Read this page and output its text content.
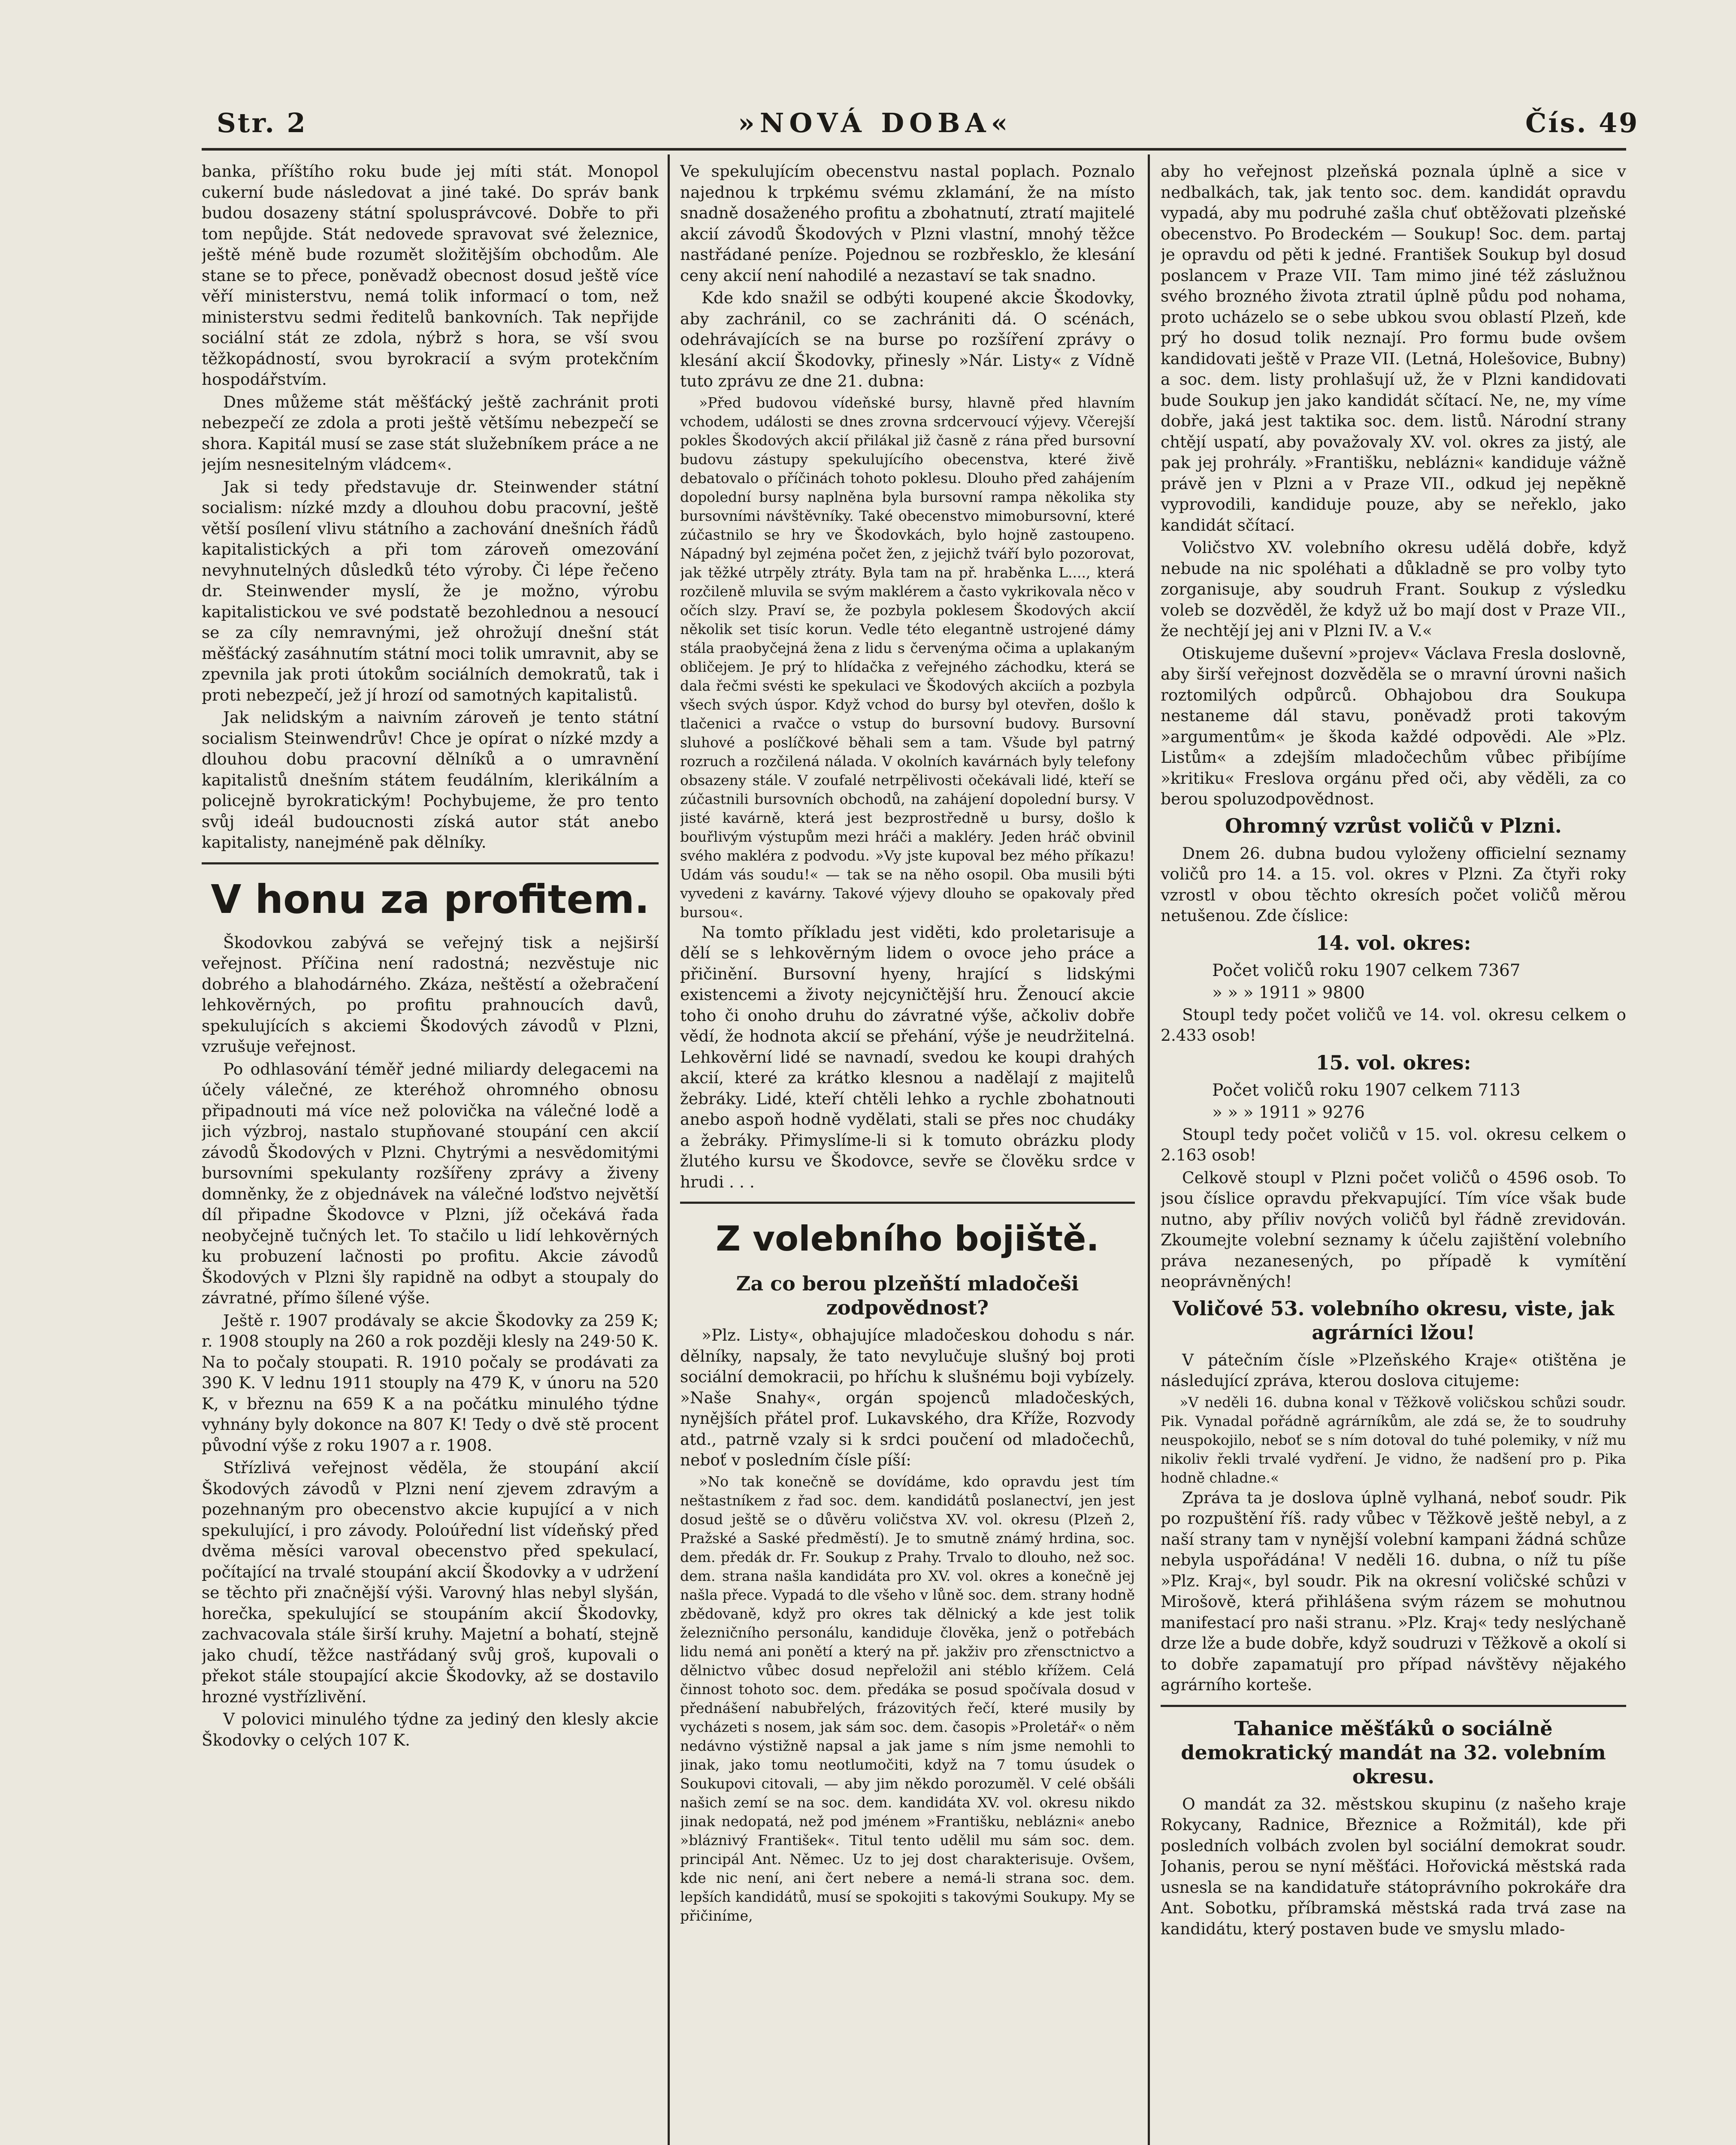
Str. 2	»NOVÁ DOBA«	Čís. 49

banka, příštího roku bude jej míti stát. Monopol cukerní bude následovat a jiné také. Do správ bank budou dosazeny státní spolusprávcové. Dobře to při tom nepůjde. Stát nedovede spravovat své železnice, ještě méně bude rozumět složitějším obchodům. Ale stane se to přece, poněvadž obecnost dosud ještě více věří ministerstvu, nemá tolik informací o tom, než ministerstvu sedmi ředitelů bankovních. Tak nepřijde sociální stát ze zdola, nýbrž s hora, se vší svou těžkopádností, svou byrokracií a svým protekčním hospodářstvím.

Dnes můžeme stát měšťácký ještě zachránit proti nebezpečí ze zdola a proti ještě většímu nebezpečí se shora. Kapitál musí se zase stát služebníkem práce a ne jejím nesnesitelným vládcem«.

Jak si tedy představuje dr. Steinwender státní socialism: nízké mzdy a dlouhou dobu pracovní, ještě větší posílení vlivu státního a zachování dnešních řádů kapitalistických a při tom zároveň omezování nevyhnutelných důsledků této výroby. Či lépe řečeno dr. Steinwender myslí, že je možno, výrobu kapitalistickou ve své podstatě bezohlednou a nesoucí se za cíly nemravnými, jež ohrožují dnešní stát měšťácký zasáhnutím státní moci tolik umravnit, aby se zpevnila jak proti útokům sociálních demokratů, tak i proti nebezpečí, jež jí hrozí od samotných kapitalistů.

Jak nelidským a naivním zároveň je tento státní socialism Steinwendrův! Chce je opírat o nízké mzdy a dlouhou dobu pracovní dělníků a o umravnění kapitalistů dnešním státem feudálním, klerikálním a policejně byrokratickým! Pochybujeme, že pro tento svůj ideál budoucnosti získá autor stát anebo kapitalisty, nanejméně pak dělníky.

V honu za profitem.

Škodovkou zabývá se veřejný tisk a nejširší veřejnost. Příčina není radostná; nezvěstuje nic dobrého a blahodárného. Zkáza, neštěstí a ožebračení lehkověrných, po profitu prahnoucích davů, spekulujících s akciemi Škodových závodů v Plzni, vzrušuje veřejnost.

Po odhlasování téměř jedné miliardy delegacemi na účely válečné, ze kteréhož ohromného obnosu připadnouti má více než polovička na válečné lodě a jich výzbroj, nastalo stupňované stoupání cen akcií závodů Škodových v Plzni. Chytrými a nesvědomitými bursovními spekulanty rozšířeny zprávy a živeny domněnky, že z objednávek na válečné loďstvo největší díl připadne Škodovce v Plzni, jíž očekává řada neobyčejně tučných let. To stačilo u lidí lehkověrných ku probuzení lačnosti po profitu. Akcie závodů Škodových v Plzni šly rapidně na odbyt a stoupaly do závratné, přímo šílené výše.

Ještě r. 1907 prodávaly se akcie Škodovky za 259 K; r. 1908 stouply na 260 a rok později klesly na 249·50 K. Na to počaly stoupati. R. 1910 počaly se prodávati za 390 K. V lednu 1911 stouply na 479 K, v únoru na 520 K, v březnu na 659 K a na počátku minulého týdne vyhnány byly dokonce na 807 K! Tedy o dvě stě procent původní výše z roku 1907 a r. 1908.

Střízlivá veřejnost věděla, že stoupání akcií Škodových závodů v Plzni není zjevem zdravým a pozehnaným pro obecenstvo akcie kupující a v nich spekulující, i pro závody. Poloúřední list vídeňský před dvěma měsíci varoval obecenstvo před spekulací, počítající na trvalé stoupání akcií Škodovky a v udržení se těchto při značnější výši. Varovný hlas nebyl slyšán, horečka, spekulující se stoupáním akcií Škodovky, zachvacovala stále širší kruhy. Majetní a bohatí, stejně jako chudí, těžce nastřádaný svůj groš, kupovali o překot stále stoupající akcie Škodovky, až se dostavilo hrozné vystřízlivění.

V polovici minulého týdne za jediný den klesly akcie Škodovky o celých 107 K.

Ve spekulujícím obecenstvu nastal poplach. Poznalo najednou k trpkému svému zklamání, že na místo snadně dosaženého profitu a zbohatnutí, ztratí majitelé akcií závodů Škodových v Plzni vlastní, mnohý těžce nastřádané peníze. Pojednou se rozbřesklo, že klesání ceny akcií není nahodilé a nezastaví se tak snadno.

Kde kdo snažil se odbýti koupené akcie Škodovky, aby zachránil, co se zachrániti dá. O scénách, odehrávajících se na burse po rozšíření zprávy o klesání akcií Škodovky, přinesly »Nár. Listy« z Vídně tuto zprávu ze dne 21. dubna:

»Před budovou vídeňské bursy, hlavně před hlavním vchodem, události se dnes zrovna srdcervoucí výjevy. Včerejší pokles Škodových akcií přilákal již časně z rána před bursovní budovu zástupy spekulujícího obecenstva, které živě debatovalo o příčinách tohoto poklesu. Dlouho před zahájením dopolední bursy naplněna byla bursovní rampa několika sty bursovními návštěvníky. Také obecenstvo mimobursovní, které zúčastnilo se hry ve Škodovkách, bylo hojně zastoupeno. Nápadný byl zejména počet žen, z jejichž tváří bylo pozorovat, jak těžké utrpěly ztráty. Byla tam na př. hraběnka L...., která rozčileně mluvila se svým maklérem a často vykrikovala něco v očích slzy. Praví se, že pozbyla poklesem Škodových akcií několik set tisíc korun. Vedle této elegantně ustrojené dámy stála praobyčejná žena z lidu s červenýma očima a uplakaným obličejem. Je prý to hlídačka z veřejného záchodku, která se dala řečmi svésti ke spekulaci ve Škodových akciích a pozbyla všech svých úspor. Když vchod do bursy byl otevřen, došlo k tlačenici a rvačce o vstup do bursovní budovy. Bursovní sluhové a poslíčkové běhali sem a tam. Všude byl patrný rozruch a rozčilená nálada. V okolních kavárnách byly telefony obsazeny stále. V zoufalé netrpělivosti očekávali lidé, kteří se zúčastnili bursovních obchodů, na zahájení dopolední bursy. V jisté kavárně, která jest bezprostředně u bursy, došlo k bouřlivým výstupům mezi hráči a makléry. Jeden hráč obvinil svého makléra z podvodu. »Vy jste kupoval bez mého příkazu! Udám vás soudu!« — tak se na něho osopil. Oba musili býti vyvedeni z kavárny. Takové výjevy dlouho se opakovaly před bursou«.

Na tomto příkladu jest viděti, kdo proletarisuje a dělí se s lehkověrným lidem o ovoce jeho práce a přičinění. Bursovní hyeny, hrající s lidskými existencemi a životy nejcyničtější hru. Ženoucí akcie toho či onoho druhu do závratné výše, ačkoliv dobře vědí, že hodnota akcií se přehání, výše je neudržitelná. Lehkověrní lidé se navnadí, svedou ke koupi drahých akcií, které za krátko klesnou a nadělají z majitelů žebráky. Lidé, kteří chtěli lehko a rychle zbohatnouti anebo aspoň hodně vydělati, stali se přes noc chudáky a žebráky. Přimyslíme-li si k tomuto obrázku plody žlutého kursu ve Škodovce, sevře se člověku srdce v hrudi . . .

Z volebního bojiště.
Za co berou plzeňští mladočeši zodpovědnost?

»Plz. Listy«, obhajujíce mladočeskou dohodu s nár. dělníky, napsaly, že tato nevylučuje slušný boj proti sociální demokracii, po hříchu k slušnému boji vybízely. »Naše Snahy«, orgán spojenců mladočeských, nynějších přátel prof. Lukavského, dra Kříže, Rozvody atd., patrně vzaly si k srdci poučení od mladočechů, neboť v posledním čísle píší:

»No tak konečně se dovídáme, kdo opravdu jest tím neštastníkem z řad soc. dem. kandidátů poslanectví, jen jest dosud ještě se o důvěru voličstva XV. vol. okresu (Plzeň 2, Pražské a Saské předměstí). Je to smutně známý hrdina, soc. dem. předák dr. Fr. Soukup z Prahy. Trvalo to dlouho, než soc. dem. strana našla kandidáta pro XV. vol. okres a konečně jej našla přece. Vypadá to dle všeho v lůně soc. dem. strany hodně zbědovaně, když pro okres tak dělnický a kde jest tolik železničního personálu, kandiduje člověka, jenž o potřebách lidu nemá ani ponětí a který na př. jakživ pro zřensctnictvo a dělnictvo vůbec dosud nepřeložil ani stéblo křížem. Celá činnost tohoto soc. dem. předáka se posud spočívala dosud v přednášení nabubřelých, frázovitých řečí, které musily by vycházeti s nosem, jak sám soc. dem. časopis »Proletář« o něm nedávno výstižně napsal a jak jame s ním jsme nemohli to jinak, jako tomu neotlumočiti, když na 7 tomu úsudek o Soukupovi citovali, — aby jim někdo porozuměl. V celé obšáli našich zemí se na soc. dem. kandidáta XV. vol. okresu nikdo jinak nedopatá, než pod jménem »Františku, neblázni« anebo »bláznivý František«. Titul tento udělil mu sám soc. dem. principál Ant. Němec. Uz to jej dost charakterisuje. Ovšem, kde nic není, ani čert nebere a nemá-li strana soc. dem. lepších kandidátů, musí se spokojiti s takovými Soukupy. My se přičiníme,

aby ho veřejnost plzeňská poznala úplně a sice v nedbalkách, tak, jak tento soc. dem. kandidát opravdu vypadá, aby mu podruhé zašla chuť obtěžovati plzeňské obecenstvo. Po Brodeckém — Soukup! Soc. dem. partaj je opravdu od pěti k jedné. František Soukup byl dosud poslancem v Praze VII. Tam mimo jiné též záslužnou svého brozného života ztratil úplně půdu pod nohama, proto ucházelo se o sebe ubkou svou oblastí Plzeň, kde prý ho dosud tolik neznají. Pro formu bude ovšem kandidovati ještě v Praze VII. (Letná, Holešovice, Bubny) a soc. dem. listy prohlašují už, že v Plzni kandidovati bude Soukup jen jako kandidát sčítací. Ne, ne, my víme dobře, jaká jest taktika soc. dem. listů. Národní strany chtějí uspatí, aby považovaly XV. vol. okres za jistý, ale pak jej prohrály. »Františku, neblázni« kandiduje vážně právě jen v Plzni a v Praze VII., odkud jej nepěkně vyprovodili, kandiduje pouze, aby se neřeklo, jako kandidát sčítací.

Voličstvo XV. volebního okresu udělá dobře, když nebude na nic spoléhati a důkladně se pro volby tyto zorganisuje, aby soudruh Frant. Soukup z výsledku voleb se dozvěděl, že když už bo mají dost v Praze VII., že nechtějí jej ani v Plzni IV. a V.«

Otiskujeme duševní »projev« Václava Fresla doslovně, aby širší veřejnost dozvěděla se o mravní úrovni našich roztomilých odpůrců. Obhajobou dra Soukupa nestaneme dál stavu, poněvadž proti takovým »argumentům« je škoda každé odpovědi. Ale »Plz. Listům« a zdejším mladočechům vůbec přibíjíme »kritiku« Freslova orgánu před oči, aby věděli, za co berou spoluzodpovědnost.

Ohromný vzrůst voličů v Plzni.

Dnem 26. dubna budou vyloženy officielní seznamy voličů pro 14. a 15. vol. okres v Plzni. Za čtyři roky vzrostl v obou těchto okresích počet voličů měrou netušenou. Zde číslice:

14. vol. okres:
Počet voličů roku 1907 celkem 7367
» » » 1911 » 9800

Stoupl tedy počet voličů ve 14. vol. okresu celkem o 2.433 osob!

15. vol. okres:
Počet voličů roku 1907 celkem 7113
» » » 1911 » 9276

Stoupl tedy počet voličů v 15. vol. okresu celkem o 2.163 osob!

Celkově stoupl v Plzni počet voličů o 4596 osob. To jsou číslice opravdu překvapující. Tím více však bude nutno, aby příliv nových voličů byl řádně zrevidován. Zkoumejte volební seznamy k účelu zajištění volebního práva nezanesených, po případě k vymítění neoprávněných!

Voličové 53. volebního okresu, viste, jak agrárníci lžou!

V pátečním čísle »Plzeňského Kraje« otištěna je následující zpráva, kterou doslova citujeme:

»V neděli 16. dubna konal v Těžkově voličskou schůzi soudr. Pik. Vynadal pořádně agrárníkům, ale zdá se, že to soudruhy neuspokojilo, neboť se s ním dotoval do tuhé polemiky, v níž mu nikoliv řekli trvalé vydření. Je vidno, že nadšení pro p. Pika hodně chladne.«

Zpráva ta je doslova úplně vylhaná, neboť soudr. Pik po rozpuštění říš. rady vůbec v Těžkově ještě nebyl, a z naší strany tam v nynější volební kampani žádná schůze nebyla uspořádána! V neděli 16. dubna, o níž tu píše »Plz. Kraj«, byl soudr. Pik na okresní voličské schůzi v Mirošově, která přihlášena svým rázem se mohutnou manifestací pro naši stranu. »Plz. Kraj« tedy neslýchaně drze lže a bude dobře, když soudruzi v Těžkově a okolí si to dobře zapamatují pro případ návštěvy nějakého agrárního korteše.

Tahanice měšťáků o sociálně demokratický mandát na 32. volebním okresu.

O mandát za 32. městskou skupinu (z našeho kraje Rokycany, Radnice, Březnice a Rožmitál), kde při posledních volbách zvolen byl sociální demokrat soudr. Johanis, perou se nyní měšťáci. Hořovická městská rada usnesla se na kandidatuře státoprávního pokrokáře dra Ant. Sobotku, příbramská městská rada trvá zase na kandidátu, který postaven bude ve smyslu mlado-
